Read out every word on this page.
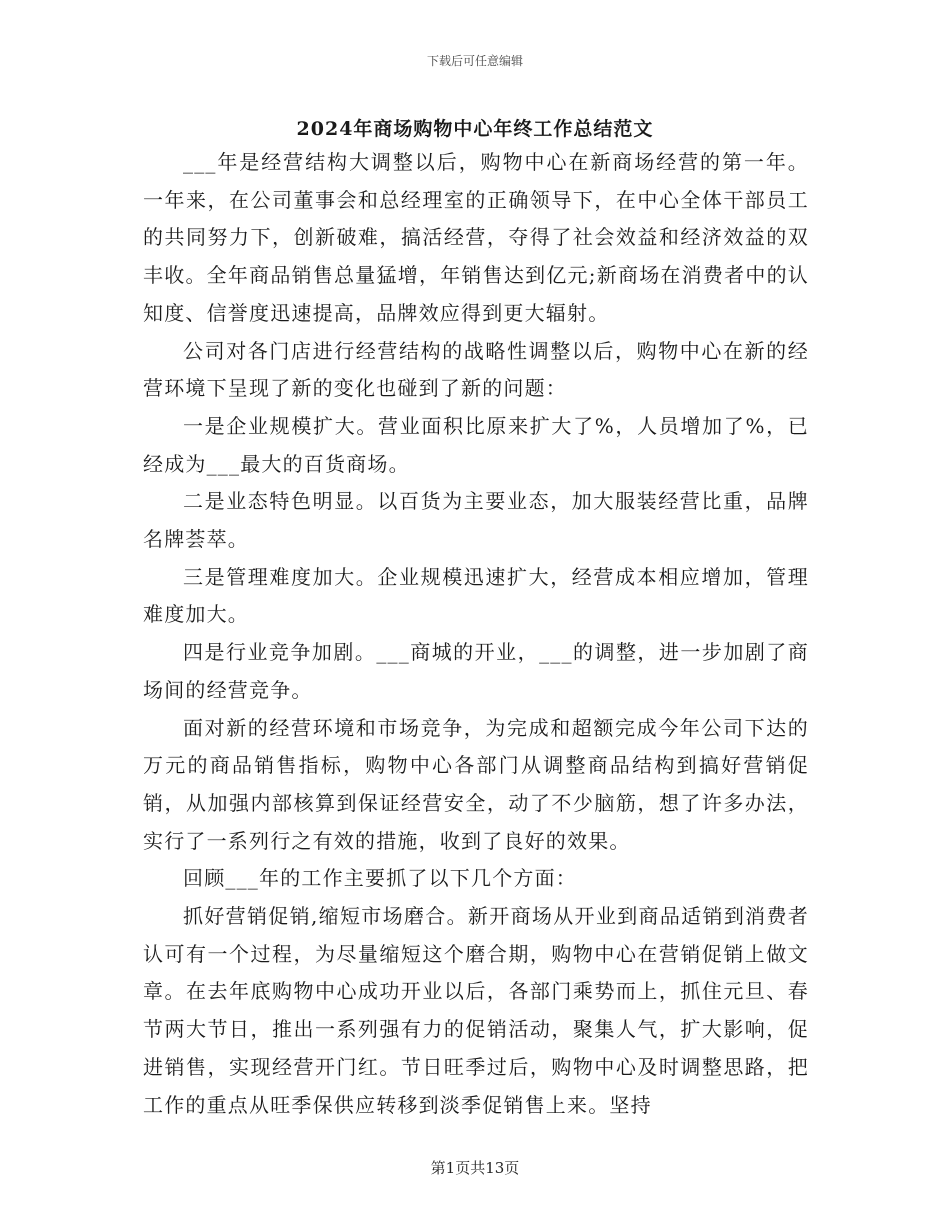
下载后可任意编辑
2024年商场购物中心年终工作总结范文

___年是经营结构大调整以后，购物中心在新商场经营的第一年。一年来，在公司董事会和总经理室的正确领导下，在中心全体干部员工的共同努力下，创新破难，搞活经营，夺得了社会效益和经济效益的双丰收。全年商品销售总量猛增，年销售达到亿元;新商场在消费者中的认知度、信誉度迅速提高，品牌效应得到更大辐射。

公司对各门店进行经营结构的战略性调整以后，购物中心在新的经营环境下呈现了新的变化也碰到了新的问题：

一是企业规模扩大。营业面积比原来扩大了%，人员增加了%，已经成为___最大的百货商场。

二是业态特色明显。以百货为主要业态，加大服装经营比重，品牌名牌荟萃。

三是管理难度加大。企业规模迅速扩大，经营成本相应增加，管理难度加大。

四是行业竞争加剧。___商城的开业，___的调整，进一步加剧了商场间的经营竞争。

面对新的经营环境和市场竞争，为完成和超额完成今年公司下达的万元的商品销售指标，购物中心各部门从调整商品结构到搞好营销促销，从加强内部核算到保证经营安全，动了不少脑筋，想了许多办法，实行了一系列行之有效的措施，收到了良好的效果。

回顾___年的工作主要抓了以下几个方面：

抓好营销促销,缩短市场磨合。新开商场从开业到商品适销到消费者认可有一个过程，为尽量缩短这个磨合期，购物中心在营销促销上做文章。在去年底购物中心成功开业以后，各部门乘势而上，抓住元旦、春节两大节日，推出一系列强有力的促销活动，聚集人气，扩大影响，促进销售，实现经营开门红。节日旺季过后，购物中心及时调整思路，把工作的重点从旺季保供应转移到淡季促销售上来。坚持

第1页共13页
